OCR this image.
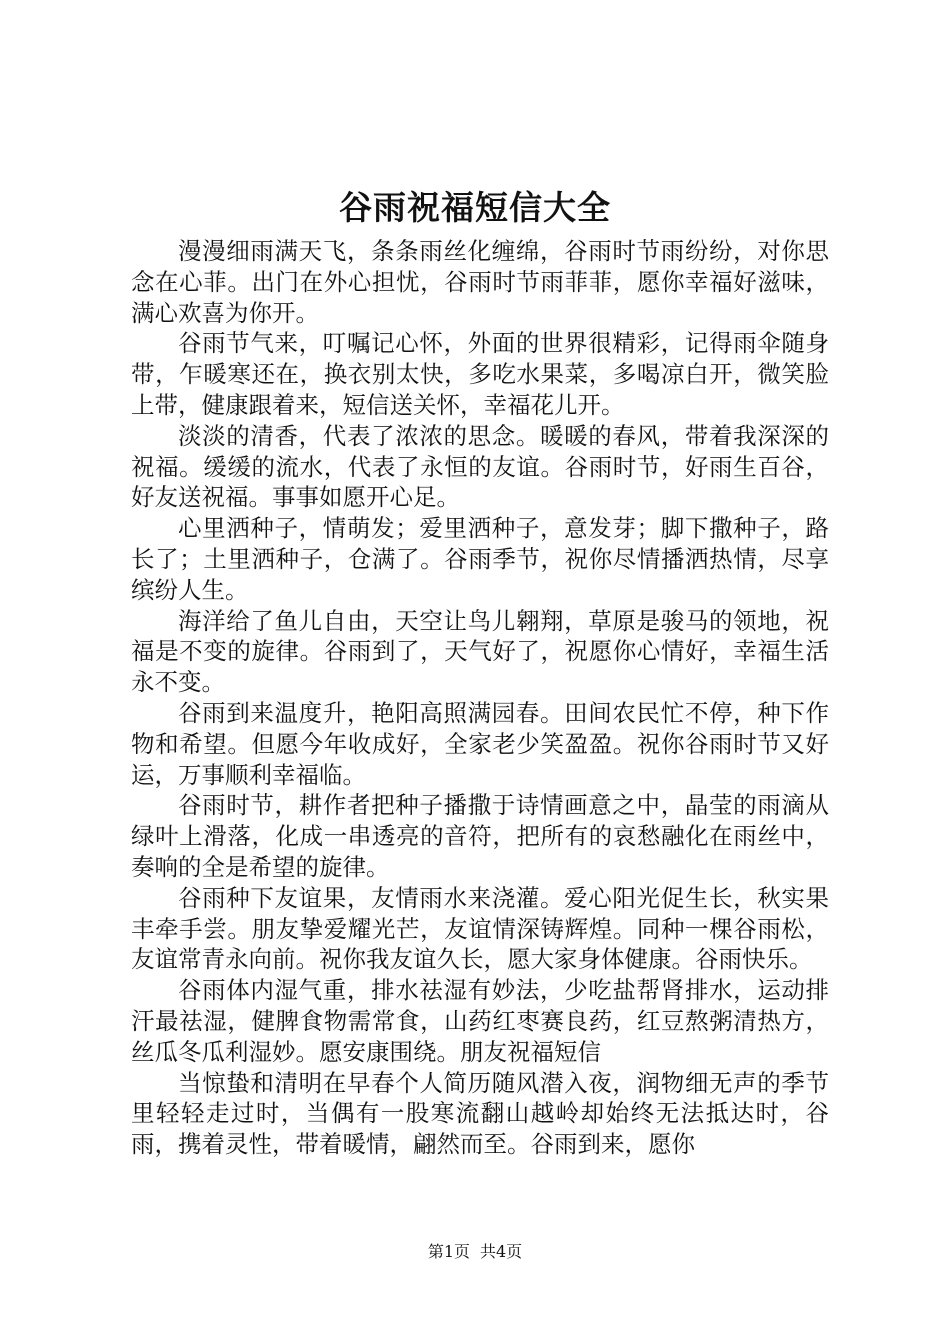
谷雨祝福短信大全

漫漫细雨满天飞，条条雨丝化缠绵，谷雨时节雨纷纷，对你思念在心菲。出门在外心担忧，谷雨时节雨菲菲，愿你幸福好滋味，满心欢喜为你开。

谷雨节气来，叮嘱记心怀，外面的世界很精彩，记得雨伞随身带，乍暖寒还在，换衣别太快，多吃水果菜，多喝凉白开，微笑脸上带，健康跟着来，短信送关怀，幸福花儿开。

淡淡的清香，代表了浓浓的思念。暖暖的春风，带着我深深的祝福。缓缓的流水，代表了永恒的友谊。谷雨时节，好雨生百谷，好友送祝福。事事如愿开心足。

心里洒种子，情萌发；爱里洒种子，意发芽；脚下撒种子，路长了；土里洒种子，仓满了。谷雨季节，祝你尽情播洒热情，尽享缤纷人生。

海洋给了鱼儿自由，天空让鸟儿翱翔，草原是骏马的领地，祝福是不变的旋律。谷雨到了，天气好了，祝愿你心情好，幸福生活永不变。

谷雨到来温度升，艳阳高照满园春。田间农民忙不停，种下作物和希望。但愿今年收成好，全家老少笑盈盈。祝你谷雨时节又好运，万事顺利幸福临。

谷雨时节，耕作者把种子播撒于诗情画意之中，晶莹的雨滴从绿叶上滑落，化成一串透亮的音符，把所有的哀愁融化在雨丝中，奏响的全是希望的旋律。

谷雨种下友谊果，友情雨水来浇灌。爱心阳光促生长，秋实果丰牵手尝。朋友挚爱耀光芒，友谊情深铸辉煌。同种一棵谷雨松，友谊常青永向前。祝你我友谊久长，愿大家身体健康。谷雨快乐。

谷雨体内湿气重，排水祛湿有妙法，少吃盐帮肾排水，运动排汗最祛湿，健脾食物需常食，山药红枣赛良药，红豆熬粥清热方，丝瓜冬瓜利湿妙。愿安康围绕。朋友祝福短信

当惊蛰和清明在早春个人简历随风潜入夜，润物细无声的季节里轻轻走过时，当偶有一股寒流翻山越岭却始终无法抵达时，谷雨，携着灵性，带着暖情，翩然而至。谷雨到来，愿你

第1页 共4页
